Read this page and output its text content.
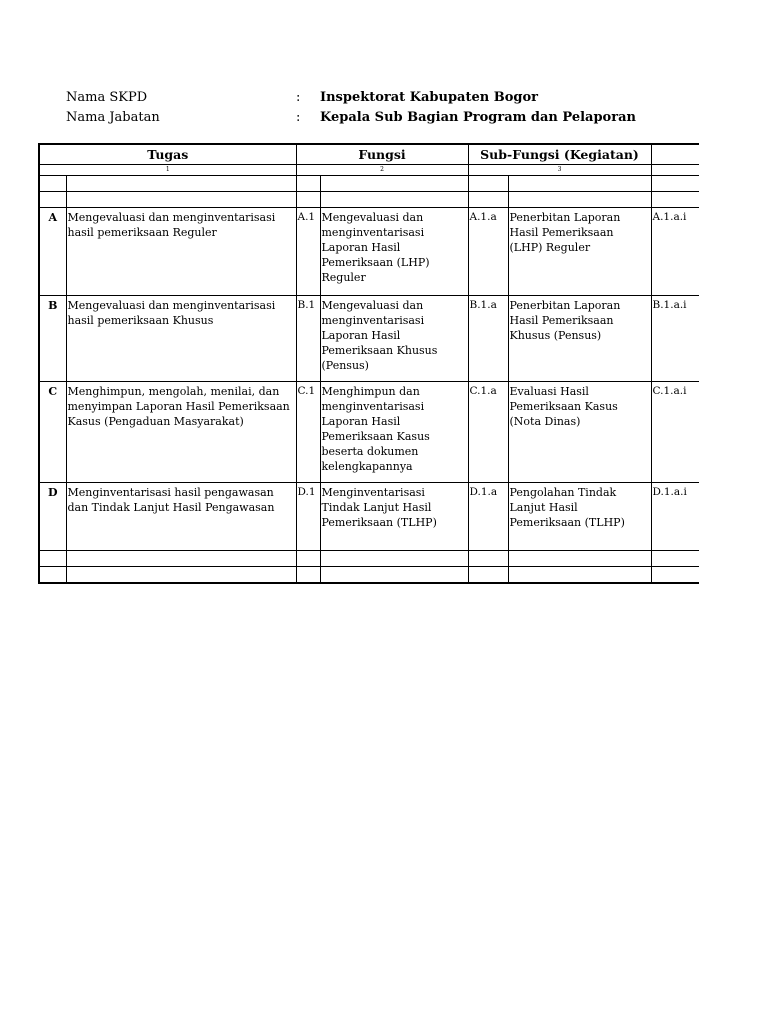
Nama SKPD	: Inspektorat Kabupaten Bogor
Nama Jabatan	: Kepala Sub Bagian Program dan Pelaporan
Tugas		Fungsi		Sub-Fungsi (Kegiatan)		
1		2		3		

A	Mengevaluasi dan menginventarisasi hasil pemeriksaan Reguler	A.1	Mengevaluasi dan menginventarisasi Laporan Hasil Pemeriksaan (LHP) Reguler	A.1.a	Penerbitan Laporan Hasil Pemeriksaan (LHP) Reguler	A.1.a.i
B	Mengevaluasi dan menginventarisasi hasil pemeriksaan Khusus	B.1	Mengevaluasi dan menginventarisasi Laporan Hasil Pemeriksaan Khusus (Pensus)	B.1.a	Penerbitan Laporan Hasil Pemeriksaan Khusus (Pensus)	B.1.a.i
C	Menghimpun, mengolah, menilai, dan menyimpan Laporan Hasil Pemeriksaan Kasus (Pengaduan Masyarakat)	C.1	Menghimpun dan menginventarisasi Laporan Hasil Pemeriksaan Kasus beserta dokumen kelengkapannya	C.1.a	Evaluasi Hasil Pemeriksaan Kasus (Nota Dinas)	C.1.a.i
D	Menginventarisasi hasil pengawasan dan Tindak Lanjut Hasil Pengawasan	D.1	Menginventarisasi Tindak Lanjut Hasil Pemeriksaan (TLHP)	D.1.a	Pengolahan Tindak Lanjut Hasil Pemeriksaan (TLHP)	D.1.a.i
